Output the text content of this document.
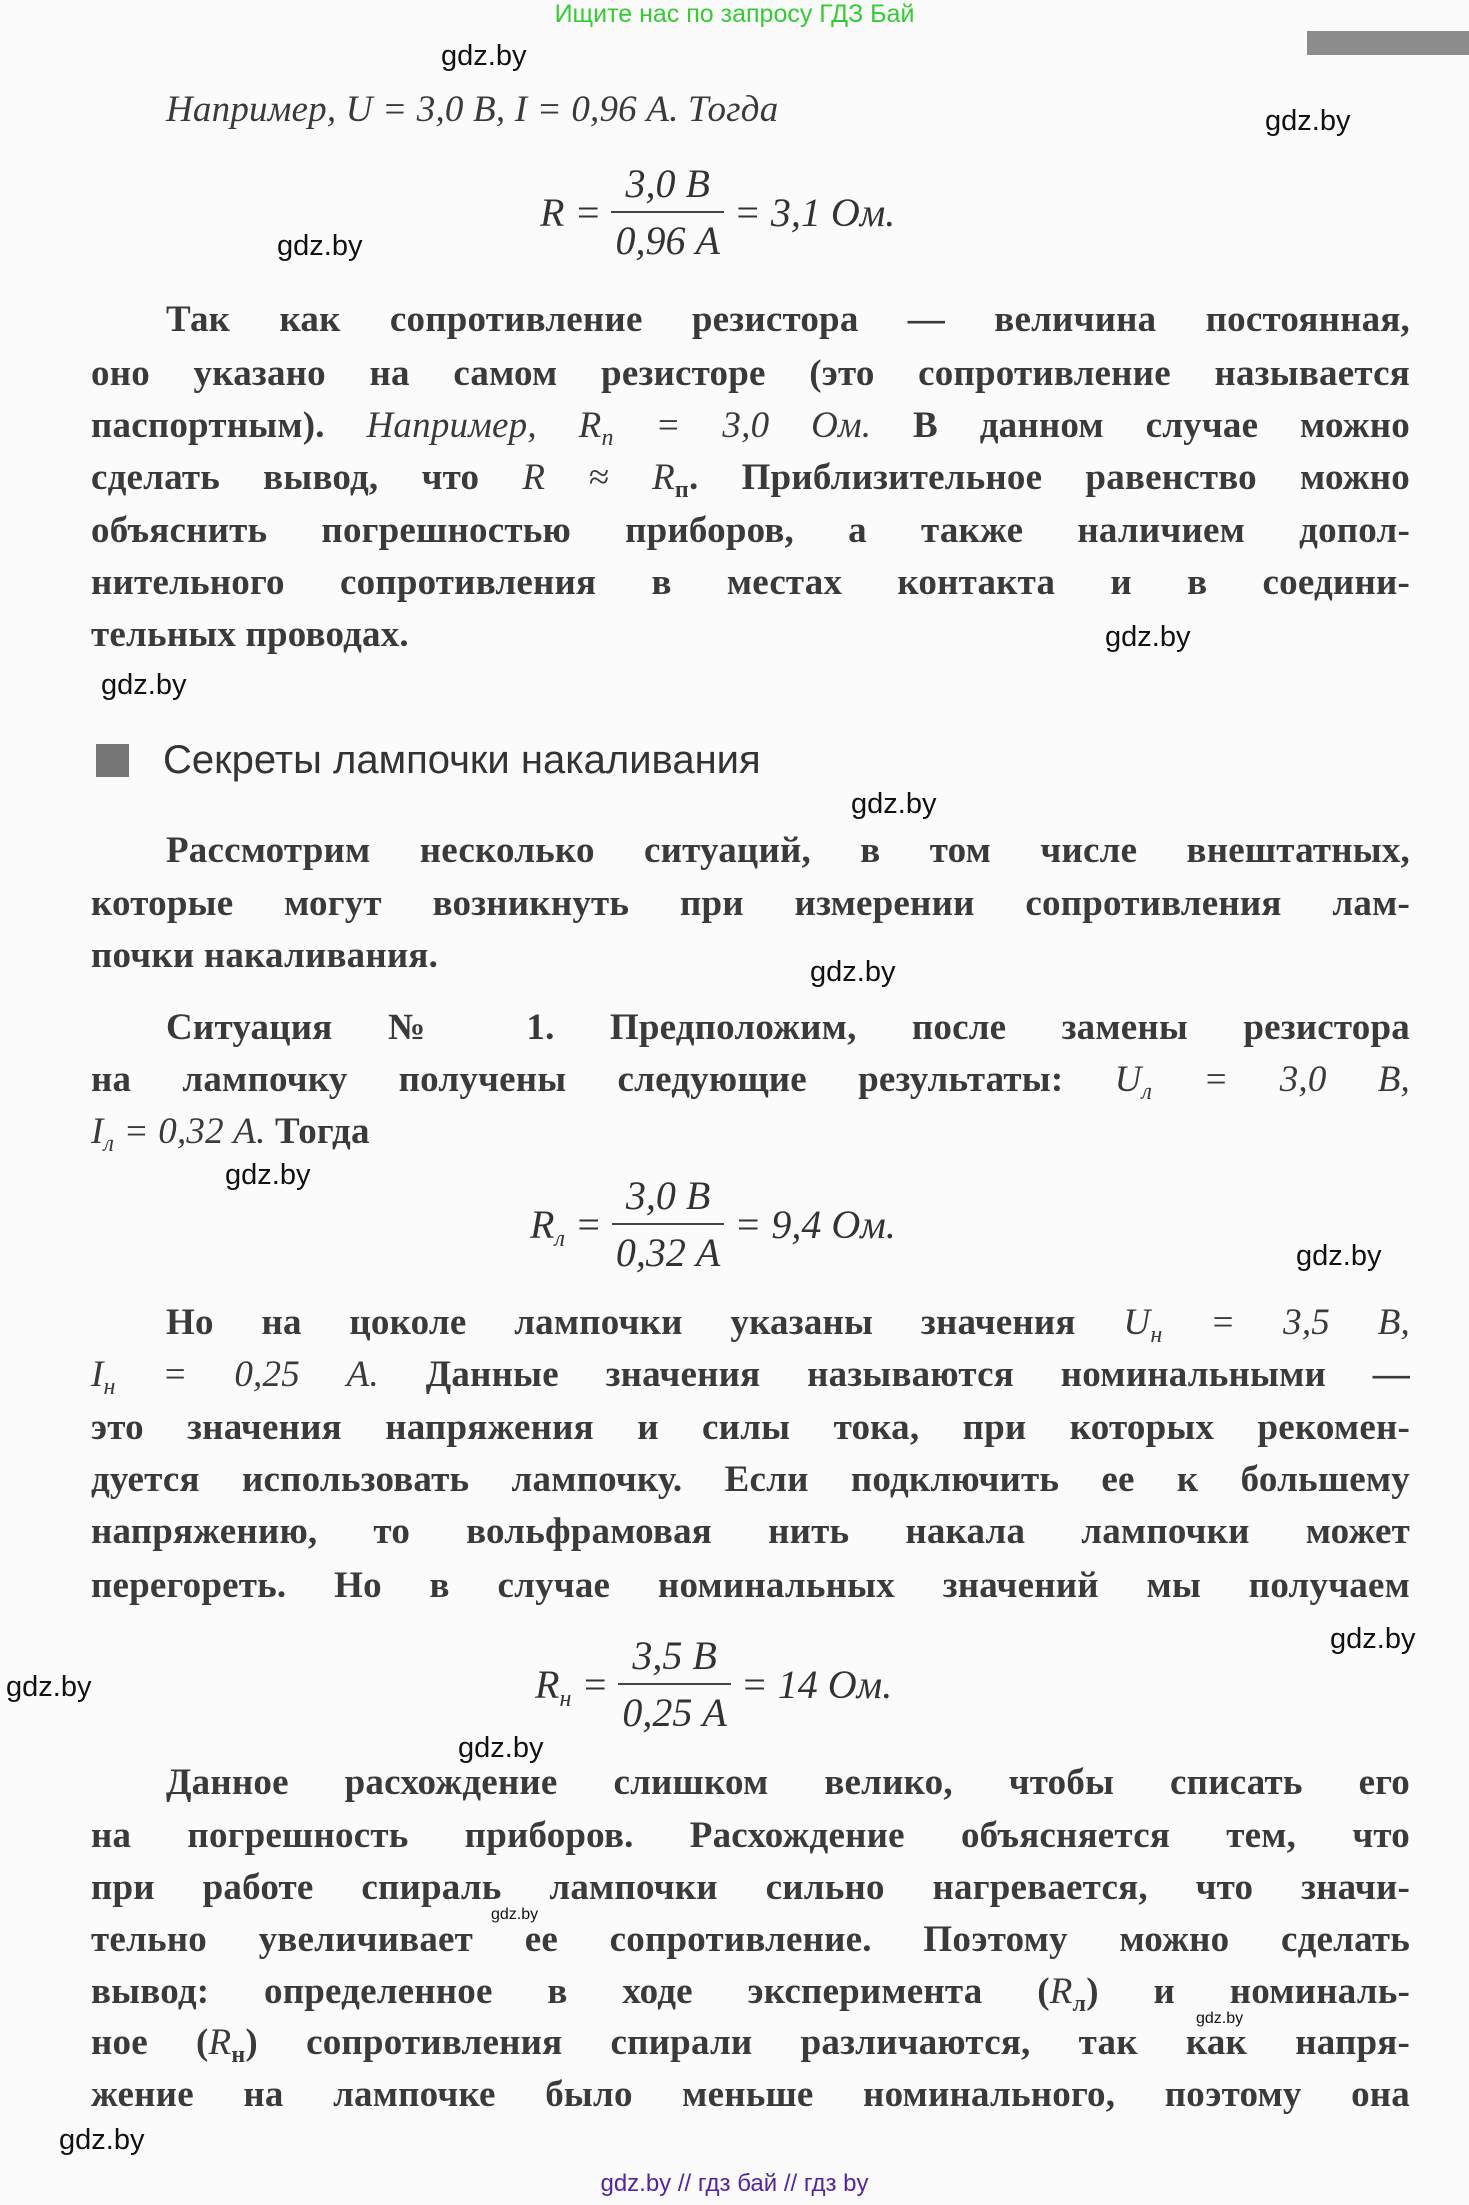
Ищите нас по запросу ГДЗ Бай
Например, U = 3,0 В, I = 0,96 А. Тогда
Так как сопротивление резистора — величина постоянная,
оно указано на самом резисторе (это сопротивление называется
паспортным). Например, $R_п = 3,0$ Ом. В данном случае можно
сделать вывод, что $R \approx R_п$. Приблизительное равенство можно
объяснить погрешностью приборов, а также наличием допол-
нительного сопротивления в местах контакта и в соедини-
тельных проводах.
Рассмотрим несколько ситуаций, в том числе внештатных,
которые могут возникнуть при измерении сопротивления лам-
почки накаливания.
Ситуация № 1. Предположим, после замены резистора
на лампочку получены следующие результаты: $U_л = 3,0$ В,
$I_л = 0,32$ А. Тогда
Но на цоколе лампочки указаны значения $U_н = 3,5$ В,
$I_н = 0,25$ А. Данные значения называются номинальными —
это значения напряжения и силы тока, при которых рекомен-
дуется использовать лампочку. Если подключить ее к большему
напряжению, то вольфрамовая нить накала лампочки может
перегореть. Но в случае номинальных значений мы получаем
Данное расхождение слишком велико, чтобы списать его
на погрешность приборов. Расхождение объясняется тем, что
при работе спираль лампочки сильно нагревается, что значи-
тельно увеличивает ее сопротивление. Поэтому можно сделать
вывод: определенное в ходе эксперимента $(R_л)$ и номиналь-
ное $(R_н)$ сопротивления спирали различаются, так как напря-
жение на лампочке было меньше номинального, поэтому она
Секреты лампочки накаливания
$R = \frac{3,0 В}{0,96 А} = 3,1$ Ом.
$R_л = \frac{3,0 В}{0,32 А} = 9,4$ Ом.
$R_н = \frac{3,5 В}{0,25 А} = 14$ Ом.
gdz.by
gdz.by
gdz.by
gdz.by
gdz.by
gdz.by
gdz.by
gdz.by
gdz.by
gdz.by
gdz.by
gdz.by
gdz.by
gdz.by
gdz.by
gdz.by // гдз бай // гдз by
